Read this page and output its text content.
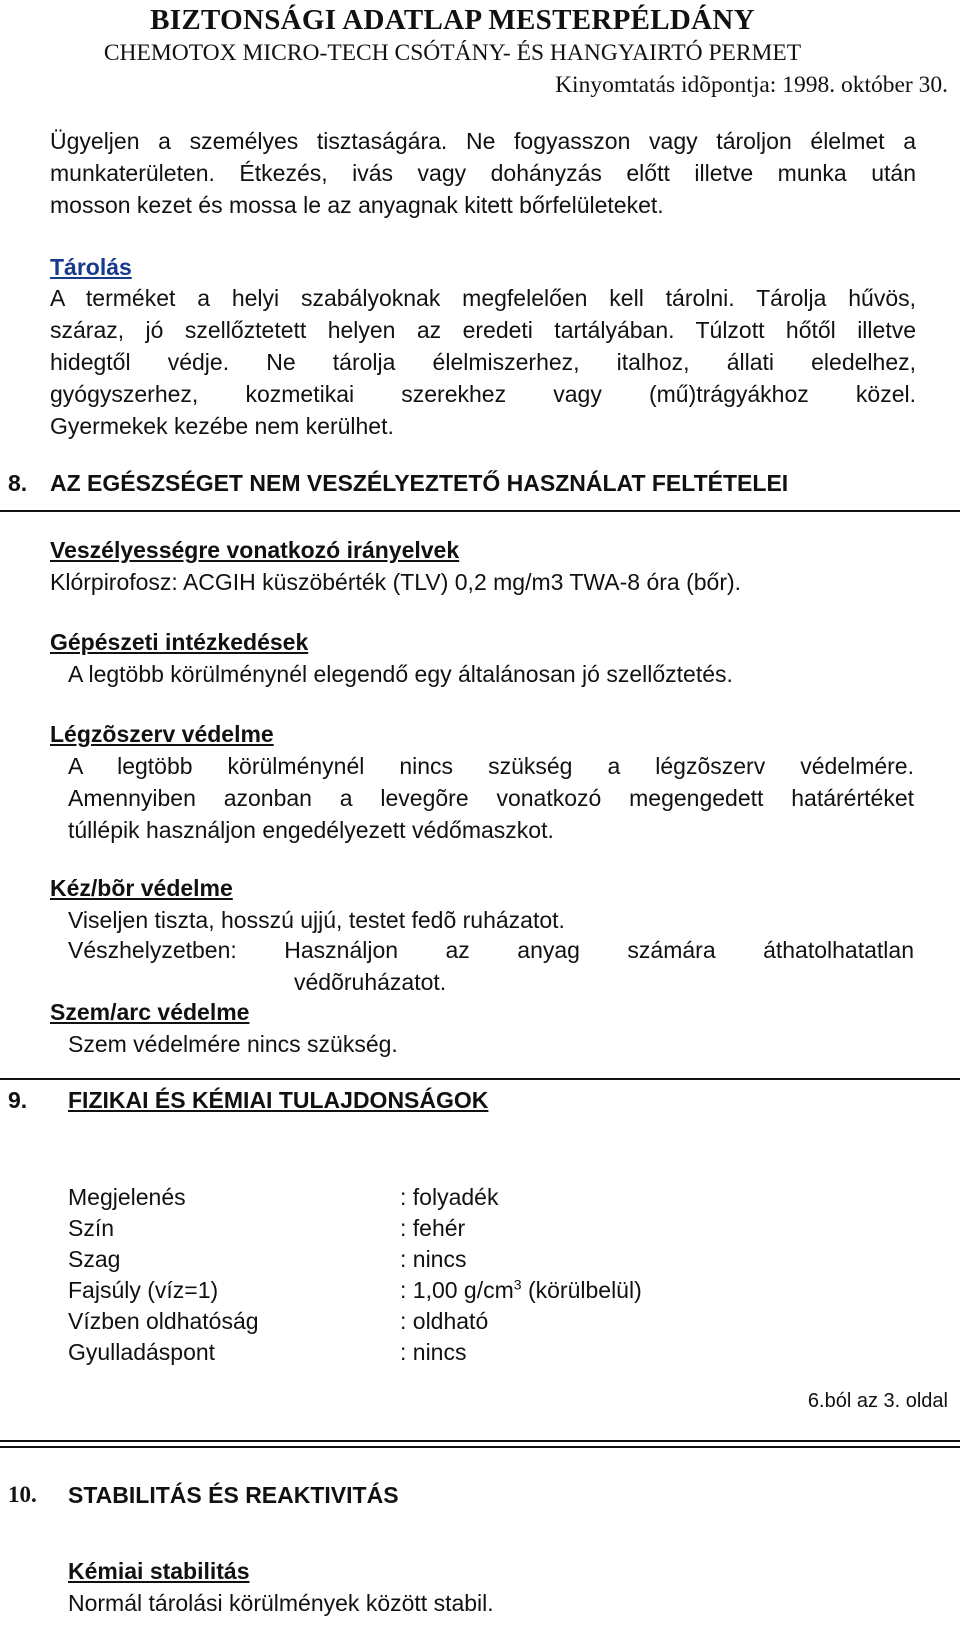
BIZTONSÁGI ADATLAP MESTERPÉLDÁNY
CHEMOTOX MICRO-TECH CSÓTÁNY- ÉS HANGYAIRTÓ PERMET
Kinyomtatás idõpontja: 1998. október 30.
Ügyeljen a személyes tisztaságára. Ne fogyasszon vagy tároljon élelmet a
munkaterületen. Étkezés, ivás vagy dohányzás előtt illetve munka után
mosson kezet és mossa le az anyagnak kitett bőrfelületeket.
Tárolás
A terméket a helyi szabályoknak megfelelően kell tárolni. Tárolja hűvös,
száraz, jó szellőztetett helyen az eredeti tartályában. Túlzott hőtől illetve
hidegtől védje. Ne tárolja élelmiszerhez, italhoz, állati eledelhez,
gyógyszerhez, kozmetikai szerekhez vagy (mű)trágyákhoz közel.
Gyermekek kezébe nem kerülhet.
8. AZ EGÉSZSÉGET NEM VESZÉLYEZTETŐ HASZNÁLAT FELTÉTELEI
Veszélyességre vonatkozó irányelvek
Klórpirofosz: ACGIH küszöbérték (TLV) 0,2 mg/m3 TWA-8 óra (bőr).
Gépészeti intézkedések
A legtöbb körülménynél elegendő egy általánosan jó szellőztetés.
Légzõszerv védelme
A legtöbb körülménynél nincs szükség a légzõszerv védelmére.
Amennyiben azonban a levegõre vonatkozó megengedett határértéket
túllépik használjon engedélyezett védőmaszkot.
Kéz/bõr védelme
Viseljen tiszta, hosszú ujjú, testet fedõ ruházatot.
Vészhelyzetben: Használjon az anyag számára áthatolhatatlan
védõruházatot.
Szem/arc védelme
Szem védelmére nincs szükség.
9. FIZIKAI ÉS KÉMIAI TULAJDONSÁGOK
Megjelenés	: folyadék
Szín	: fehér
Szag	: nincs
Fajsúly (víz=1)	: 1,00 $g/cm^3$ (körülbelül)
Vízben oldhatóság	: oldható
Gyulladáspont	: nincs
6.ból az 3. oldal
10. STABILITÁS ÉS REAKTIVITÁS
Kémiai stabilitás
Normál tárolási körülmények között stabil.
